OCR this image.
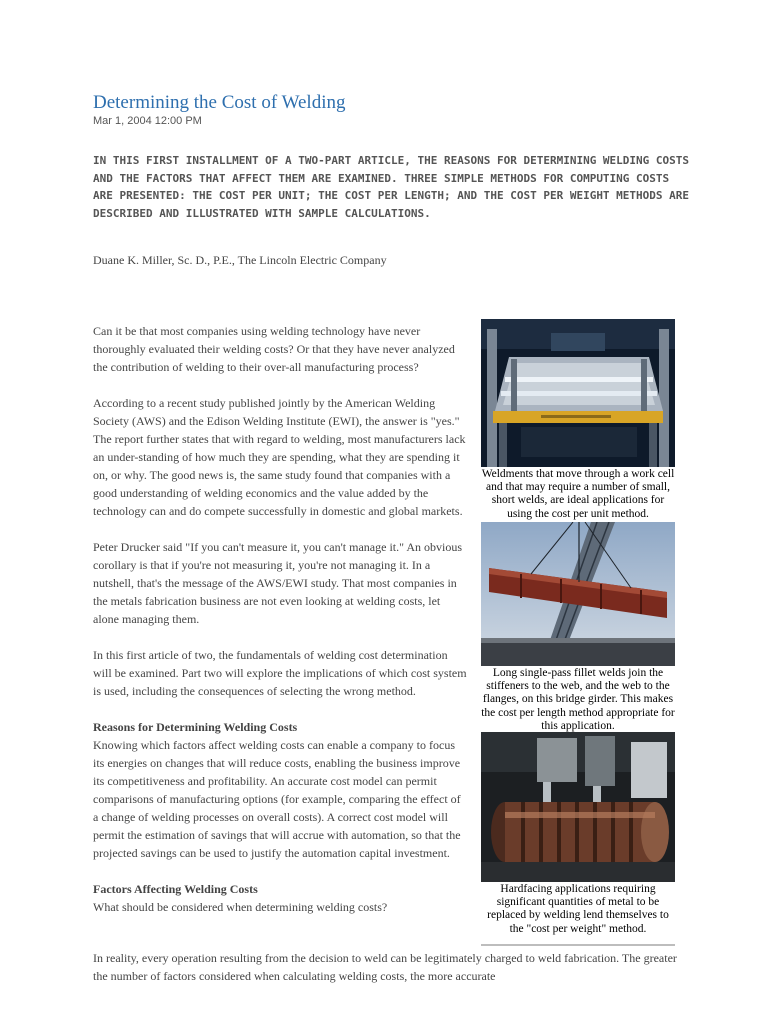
Determining the Cost of Welding
Mar 1, 2004 12:00 PM

IN THIS FIRST INSTALLMENT OF A TWO-PART ARTICLE, THE REASONS FOR DETERMINING WELDING COSTS AND THE FACTORS THAT AFFECT THEM ARE EXAMINED. THREE SIMPLE METHODS FOR COMPUTING COSTS ARE PRESENTED: THE COST PER UNIT; THE COST PER LENGTH; AND THE COST PER WEIGHT METHODS ARE DESCRIBED AND ILLUSTRATED WITH SAMPLE CALCULATIONS.

Duane K. Miller, Sc. D., P.E., The Lincoln Electric Company

Can it be that most companies using welding technology have never thoroughly evaluated their welding costs? Or that they have never analyzed the contribution of welding to their over-all manufacturing process?

According to a recent study published jointly by the American Welding Society (AWS) and the Edison Welding Institute (EWI), the answer is "yes." The report further states that with regard to welding, most manufacturers lack an under-standing of how much they are spending, what they are spending it on, or why. The good news is, the same study found that companies with a good understanding of welding economics and the value added by the technology can and do compete successfully in domestic and global markets.

Peter Drucker said "If you can't measure it, you can't manage it." An obvious corollary is that if you're not measuring it, you're not managing it. In a nutshell, that's the message of the AWS/EWI study. That most companies in the metals fabrication business are not even looking at welding costs, let alone managing them.

In this first article of two, the fundamentals of welding cost determination will be examined. Part two will explore the implications of which cost system is used, including the consequences of selecting the wrong method.

Reasons for Determining Welding Costs

Knowing which factors affect welding costs can enable a company to focus its energies on changes that will reduce costs, enabling the business improve its competitiveness and profitability. An accurate cost model can permit comparisons of manufacturing options (for example, comparing the effect of a change of welding processes on overall costs). A correct cost model will permit the estimation of savings that will accrue with automation, so that the projected savings can be used to justify the automation capital investment.

Factors Affecting Welding Costs

What should be considered when determining welding costs?

In reality, every operation resulting from the decision to weld can be legitimately charged to weld fabrication. The greater the number of factors considered when calculating welding costs, the more accurate

Weldments that move through a work cell and that may require a number of small, short welds, are ideal applications for using the cost per unit method.

Long single-pass fillet welds join the stiffeners to the web, and the web to the flanges, on this bridge girder. This makes the cost per length method appropriate for this application.

Hardfacing applications requiring significant quantities of metal to be replaced by welding lend themselves to the "cost per weight" method.
